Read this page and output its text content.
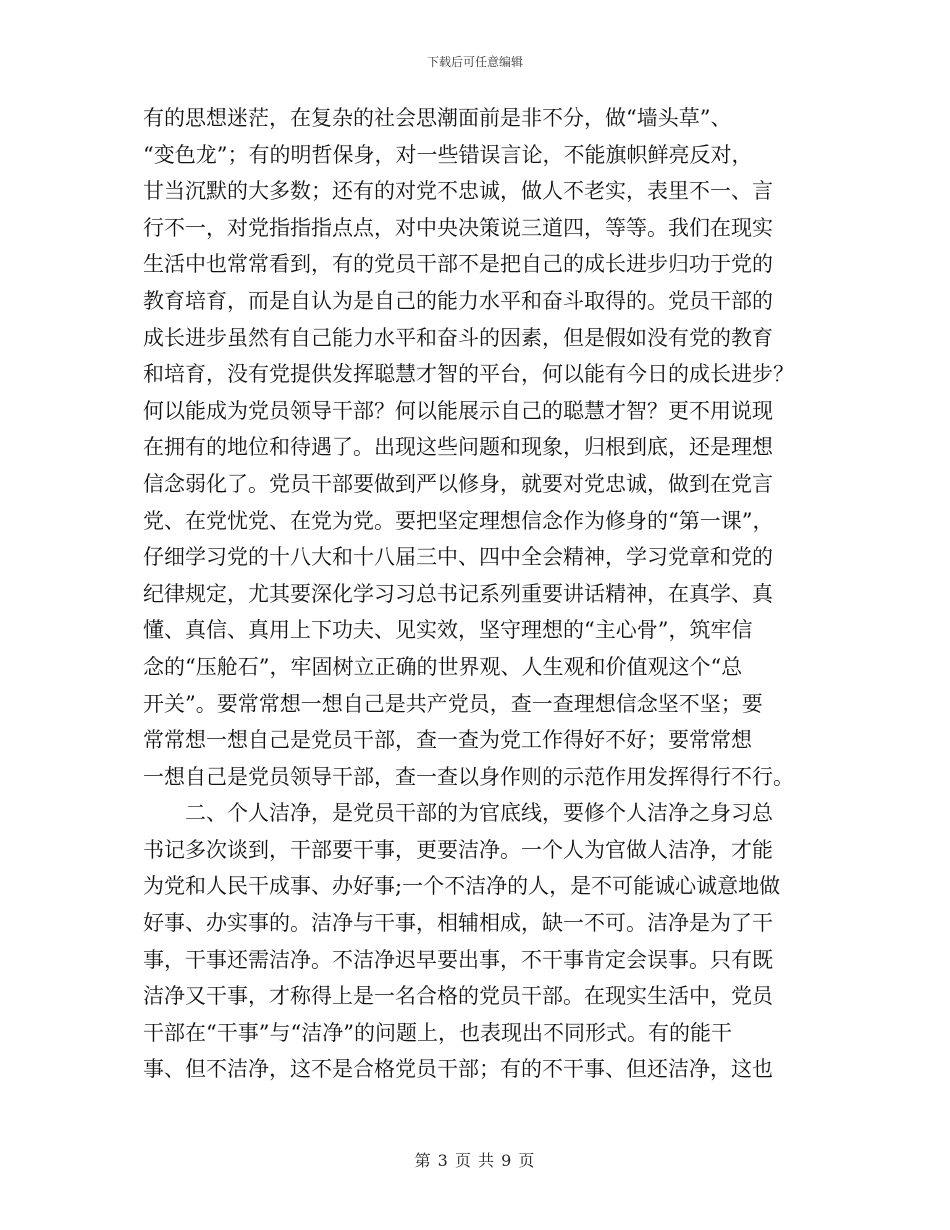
下载后可任意编辑
有的思想迷茫，在复杂的社会思潮面前是非不分，做“墙头草”、
“变色龙”；有的明哲保身，对一些错误言论，不能旗帜鲜亮反对，
甘当沉默的大多数；还有的对党不忠诚，做人不老实，表里不一、言
行不一，对党指指指点点，对中央决策说三道四，等等。我们在现实
生活中也常常看到，有的党员干部不是把自己的成长进步归功于党的
教育培育，而是自认为是自己的能力水平和奋斗取得的。党员干部的
成长进步虽然有自己能力水平和奋斗的因素，但是假如没有党的教育
和培育，没有党提供发挥聪慧才智的平台，何以能有今日的成长进步？
何以能成为党员领导干部？何以能展示自己的聪慧才智？更不用说现
在拥有的地位和待遇了。出现这些问题和现象，归根到底，还是理想
信念弱化了。党员干部要做到严以修身，就要对党忠诚，做到在党言
党、在党忧党、在党为党。要把坚定理想信念作为修身的“第一课”，
仔细学习党的十八大和十八届三中、四中全会精神，学习党章和党的
纪律规定，尤其要深化学习习总书记系列重要讲话精神，在真学、真
懂、真信、真用上下功夫、见实效，坚守理想的“主心骨”，筑牢信
念的“压舱石”，牢固树立正确的世界观、人生观和价值观这个“总
开关”。要常常想一想自己是共产党员，查一查理想信念坚不坚；要
常常想一想自己是党员干部，查一查为党工作得好不好；要常常想
一想自己是党员领导干部，查一查以身作则的示范作用发挥得行不行。
二、个人洁净，是党员干部的为官底线，要修个人洁净之身习总
书记多次谈到，干部要干事，更要洁净。一个人为官做人洁净，才能
为党和人民干成事、办好事;一个不洁净的人，是不可能诚心诚意地做
好事、办实事的。洁净与干事，相辅相成，缺一不可。洁净是为了干
事，干事还需洁净。不洁净迟早要出事，不干事肯定会误事。只有既
洁净又干事，才称得上是一名合格的党员干部。在现实生活中，党员
干部在“干事”与“洁净”的问题上，也表现出不同形式。有的能干
事、但不洁净，这不是合格党员干部；有的不干事、但还洁净，这也
第 3 页 共 9 页
